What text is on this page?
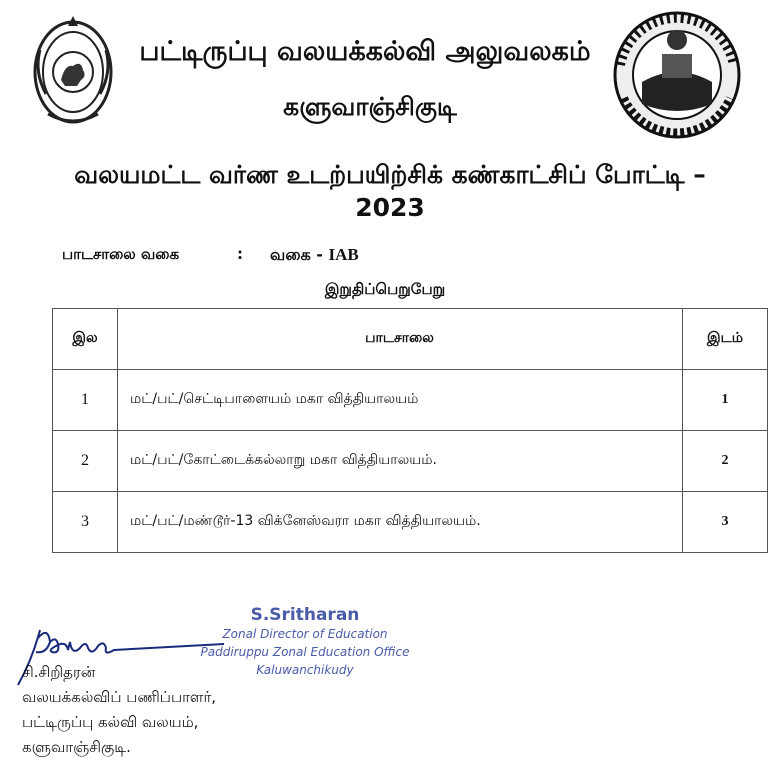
பட்டிருப்பு வலயக்கல்வி அலுவலகம்
களுவாஞ்சிகுடி
வலயமட்ட வர்ண உடற்பயிற்சிக் கண்காட்சிப் போட்டி – 2023
பாடசாலை வகை	: வகை - IAB
இறுதிப்பெறுபேறு
இல	பாடசாலை	இடம்
1	மட்/பட்/செட்டிபாளையம் மகா வித்தியாலயம்	1
2	மட்/பட்/கோட்டைக்கல்லாறு மகா வித்தியாலயம்.	2
3	மட்/பட்/மண்டூர்-13 விக்னேஸ்வரா மகா வித்தியாலயம்.	3
S.Sritharan
Zonal Director of Education
Paddiruppu Zonal Education Office
Kaluwanchikudy
சி.சிறிதரன்
வலயக்கல்விப் பணிப்பாளர்,
பட்டிருப்பு கல்வி வலயம்,
களுவாஞ்சிகுடி.
